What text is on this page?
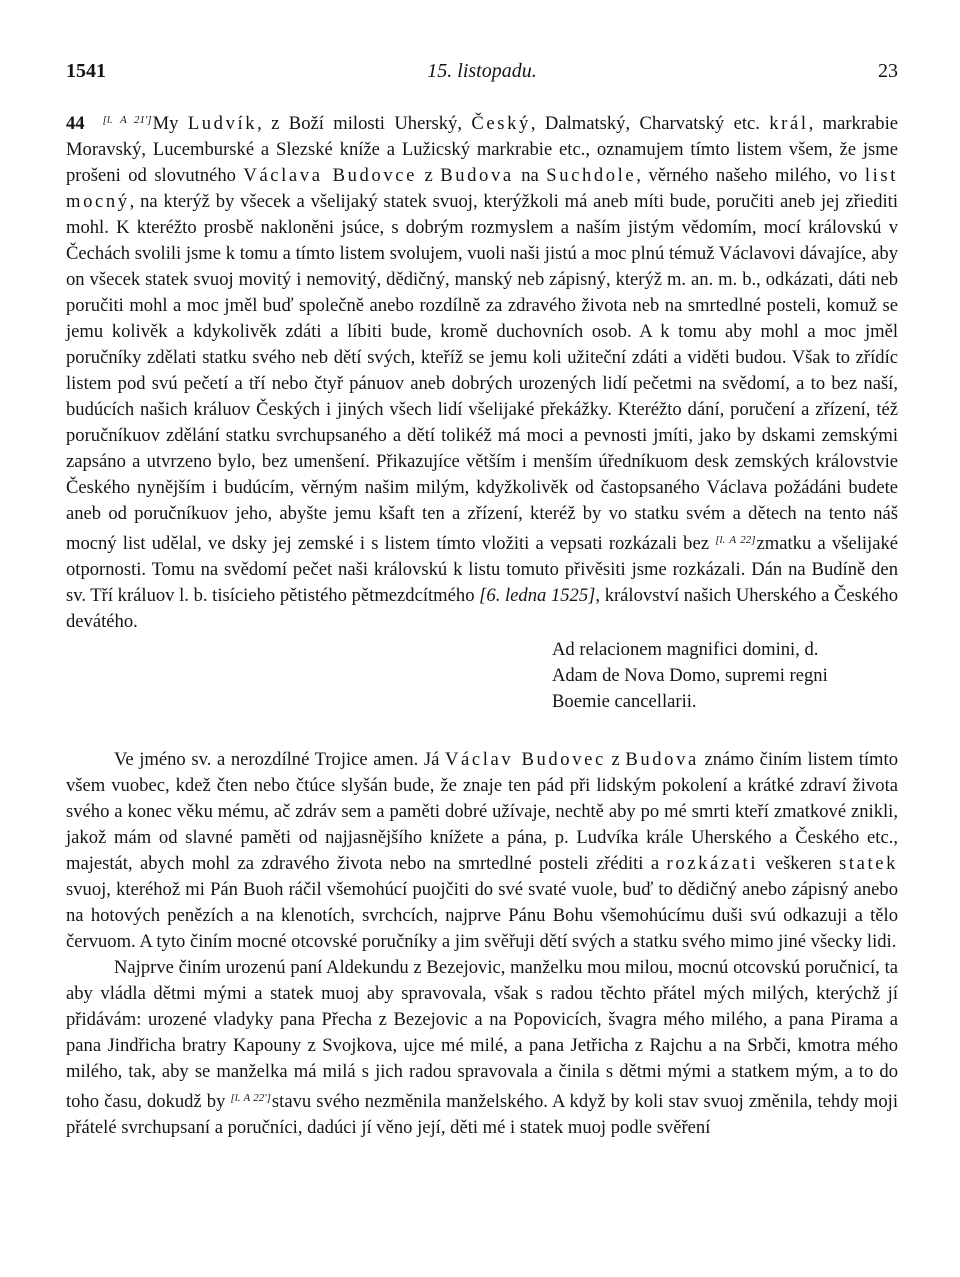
1541	15. listopadu.	23
44 [l. A 21']My Ludvík, z Boží milosti Uherský, Český, Dalmatský, Charvatský etc. král, markrabie Moravský, Lucemburské a Slezské kníže a Lužicský markrabie etc., oznamujem tímto listem všem, že jsme prošeni od slovutného Václava Budovce z Budova na Suchdole, věrného našeho milého, vo list mocný, na kterýž by všecek a všelijaký statek svuoj, kterýžkoli má aneb míti bude, poručiti aneb jej zřiediti mohl. K kteréžto prosbě nakloněni jsúce, s dobrým rozmyslem a naším jistým vědomím, mocí královskú v Čechách svolili jsme k tomu a tímto listem svolujem, vuoli naši jistú a moc plnú témuž Václavovi dávajíce, aby on všecek statek svuoj movitý i nemovitý, dědičný, manský neb zápisný, kterýž m. an. m. b., odkázati, dáti neb poručiti mohl a moc jměl buď společně anebo rozdílně za zdravého života neb na smrtedlné posteli, komuž se jemu kolivěk a kdykolivěk zdáti a líbiti bude, kromě duchovních osob. A k tomu aby mohl a moc jměl poručníky zdělati statku svého neb dětí svých, kteříž se jemu koli užiteční zdáti a viděti budou. Však to zřídíc listem pod svú pečetí a tří nebo čtyř pánuov aneb dobrých urozených lidí pečetmi na svědomí, a to bez naší, budúcích našich králuov Českých i jiných všech lidí všelijaké překážky. Kteréžto dání, poručení a zřízení, též poručníkuov zdělání statku svrchupsaného a dětí tolikéž má moci a pevnosti jmíti, jako by dskami zemskými zapsáno a utvrzeno bylo, bez umenšení. Přikazujíce větším i menším úředníkuom desk zemských královstvie Českého nynějším i budúcím, věrným našim milým, kdyžkolivěk od častopsaného Václava požádáni budete aneb od poručníkuov jeho, abyšte jemu kšaft ten a zřízení, kteréž by vo statku svém a dětech na tento náš mocný list udělal, ve dsky jej zemské i s listem tímto vložiti a vepsati rozkázali bez [l. A 22]zmatku a všelijaké otpornosti. Tomu na svědomí pečet naši královskú k listu tomuto přivěsiti jsme rozkázali. Dán na Budíně den sv. Tří králuov l. b. tisícieho pětistého pětmezdcítmého [6. ledna 1525], království našich Uherského a Českého devátého.
Ad relacionem magnifici domini, d.
Adam de Nova Domo, supremi regni
Boemie cancellarii.
Ve jméno sv. a nerozdílné Trojice amen. Já Václav Budovec z Budova známo činím listem tímto všem vuobec, kdež čten nebo čtúce slyšán bude, že znaje ten pád při lidským pokolení a krátké zdraví života svého a konec věku mému, ač zdráv sem a paměti dobré užívaje, nechtě aby po mé smrti kteří zmatkové znikli, jakož mám od slavné paměti od najjasnějšího knížete a pána, p. Ludvíka krále Uherského a Českého etc., majestát, abych mohl za zdravého života nebo na smrtedlné posteli zřéditi a rozkázati veškeren statek svuoj, kteréhož mi Pán Buoh ráčil všemohúcí puojčiti do své svaté vuole, buď to dědičný anebo zápisný anebo na hotových penězích a na klenotích, svrchcích, najprve Pánu Bohu všemohúcímu duši svú odkazuji a tělo červuom. A tyto činím mocné otcovské poručníky a jim svěřuji dětí svých a statku svého mimo jiné všecky lidi.
Najprve činím urozenú paní Aldekundu z Bezejovic, manželku mou milou, mocnú otcovskú poručnicí, ta aby vládla dětmi mými a statek muoj aby spravovala, však s radou těchto přátel mých milých, kterýchž jí přidávám: urozené vladyky pana Přecha z Bezejovic a na Popovicích, švagra mého milého, a pana Pirama a pana Jindřicha bratry Kapouny z Svojkova, ujce mé milé, a pana Jetřicha z Rajchu a na Srbči, kmotra mého milého, tak, aby se manželka má milá s jich radou spravovala a činila s dětmi mými a statkem mým, a to do toho času, dokudž by [l. A 22']stavu svého nezměnila manželského. A když by koli stav svuoj změnila, tehdy moji přátelé svrchupsaní a poručníci, dadúci jí věno její, děti mé i statek muoj podle svěření
